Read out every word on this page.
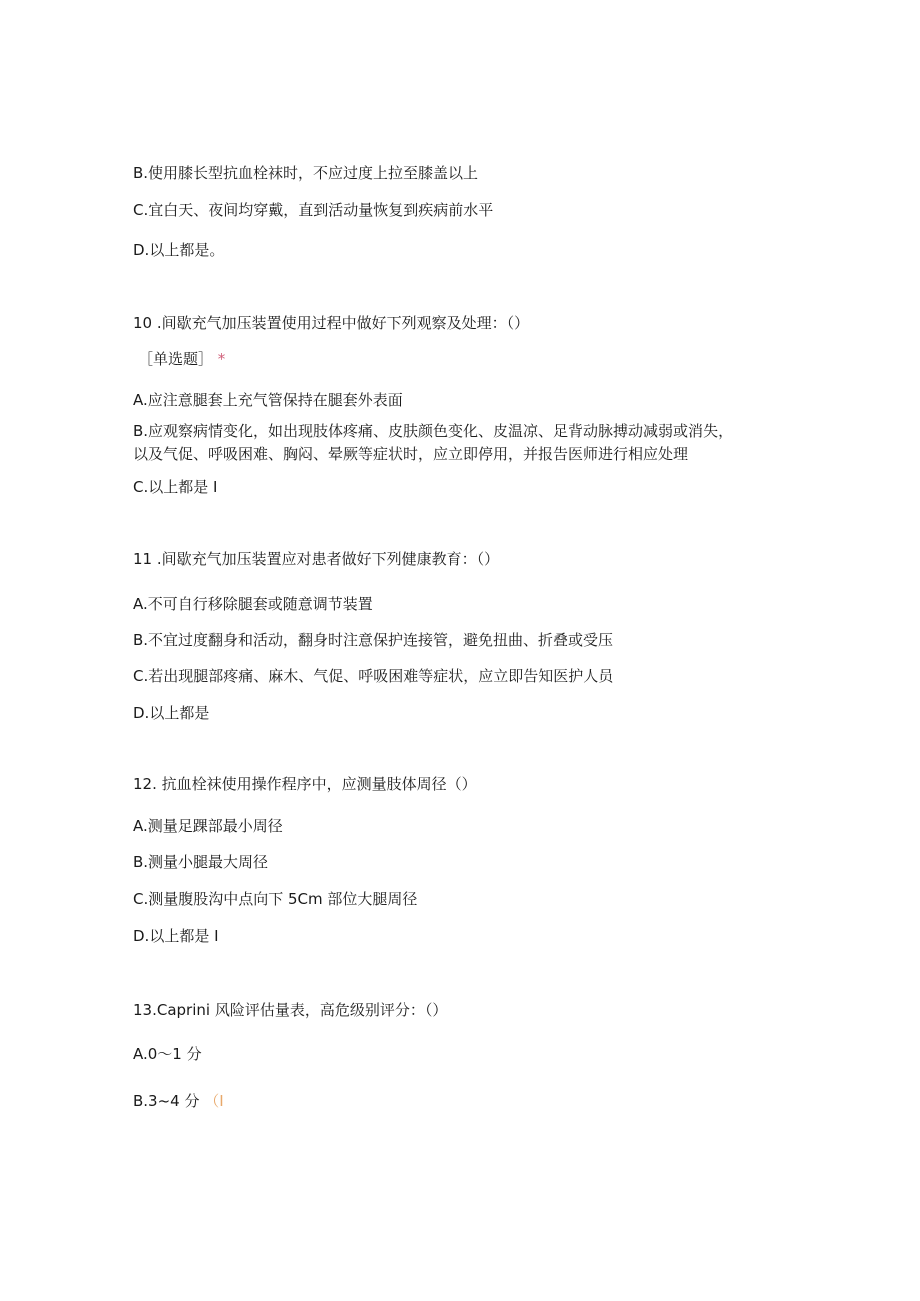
B.使用膝长型抗血栓袜时，不应过度上拉至膝盖以上
C.宜白天、夜间均穿戴，直到活动量恢复到疾病前水平
D.以上都是。
10 .间歇充气加压装置使用过程中做好下列观察及处理：（）
［单选题］ *
A.应注意腿套上充气管保持在腿套外表面
B.应观察病情变化，如出现肢体疼痛、皮肤颜色变化、皮温凉、足背动脉搏动减弱或消失，
以及气促、呼吸困难、胸闷、晕厥等症状时，应立即停用，并报告医师进行相应处理
C.以上都是 I
11 .间歇充气加压装置应对患者做好下列健康教育：（）
A.不可自行移除腿套或随意调节装置
B.不宜过度翻身和活动，翻身时注意保护连接管，避免扭曲、折叠或受压
C.若出现腿部疼痛、麻木、气促、呼吸困难等症状，应立即告知医护人员
D.以上都是
12. 抗血栓袜使用操作程序中，应测量肢体周径（）
A.测量足踝部最小周径
B.测量小腿最大周径
C.测量腹股沟中点向下 5Cm 部位大腿周径
D.以上都是 I
13.Caprini 风险评估量表，高危级别评分：（）
A.0～1 分
B.3~4 分 （I
